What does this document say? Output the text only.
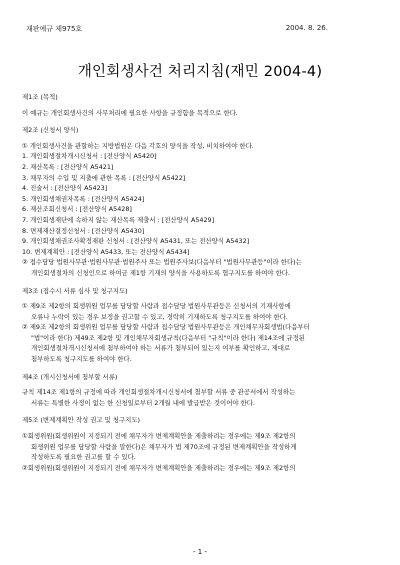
재판예규 제975호	2004. 8. 26.
개인회생사건 처리지침(재민 2004-4)
제1조 (목적)
이 예규는 개인회생사건의 사무처리에 필요한 사항을 규정함을 목적으로 한다.
제2조 (신청서 양식)
① 개인회생사건을 관할하는 지방법원은 다음 각호의 양식을 작성, 비치하여야 한다.
1. 개인회생절차개시신청서 : [전산양식 A5420]
2. 재산목록 : [전산양식 A5421]
3. 채무자의 수입 및 지출에 관한 목록 : [전산양식 A5422]
4. 진술서 : [전산양식 A5423]
5. 개인회생채권자목록 : [전산양식 A5424]
6. 재산조회신청서 : [전산양식 A5428]
7. 개인회생재단에 속하지 않는 재산목록 제출서 : [전산양식 A5429]
8. 면제재산결정신청서 : [전산양식 A5430]
9. 개인회생채권조사확정재판 신청서 : [전산양식 A5431, 또는 전산양식 A5432]
10. 변제계획안 : [전산양식 A5433, 또는 전산양식 A5434]
② 접수담당 법원사무관·법원사무관·법원주사 또는 법원주사보(다음부터 "법원사무관등"이라 한다)는
개인회생절차의 신청인으로 하여금 제1항 기재의 양식을 사용하도록 협구지도를 하여야 한다.
제3조 (접수시 서류 심사 및 청구지도)
① 제9조 제2항의 회생위원 업무를 담당할 사람과 접수담당 법원사무관등은 신청서의 기재사항에
오류나 누락이 있는 경우 보정을 권고할 수 있고, 경락히 기재하도록 청구지도를 하여야 한다.
② 제9조 제2항의 회생위원 업무를 담당할 사람과 접수담당 법원사무관등은 개인채무자회생법(다음부터
"법"이라 한다) 제49조 제2항 및 개인채무자회생규칙(다음부터 "규칙"이라 한다) 제14조에 규정된
개인회생절차개시신청서에 첨부하여야 하는 서류가 첨부되어 있는지 여부를 확인하고, 제대로
첨부하도록 청구지도를 하여야 한다.
제4조 (개시신청서에 첨부할 서류)
규칙 제14조 제1항의 규정에 따라 개인회생절차개시신청서에 첨부할 서류 중 관공서에서 작성하는
서류는 특별한 사정이 없는 한 신청일로부터 2개월 내에 발급받은 것이어야 한다.
제5조 (변제계획안 작성 권고 및 청구지도)
①회생위원(회생위원이 지정되기 전에 채무자가 변제계획안을 제출하려는 경우에는 제9조 제2항의
회생위원 업무를 담당할 사람을 말한다)은 채무자가 법 제70조에 규정된 변제계획안을 작성하게
작성하도록 필요한 권고를 할 수 있다.
②회생위원(회생위원이 지정되기 전에 채무자가 변제계획안을 제출하려는 경우에는 제9조 제2항의
- 1 -
